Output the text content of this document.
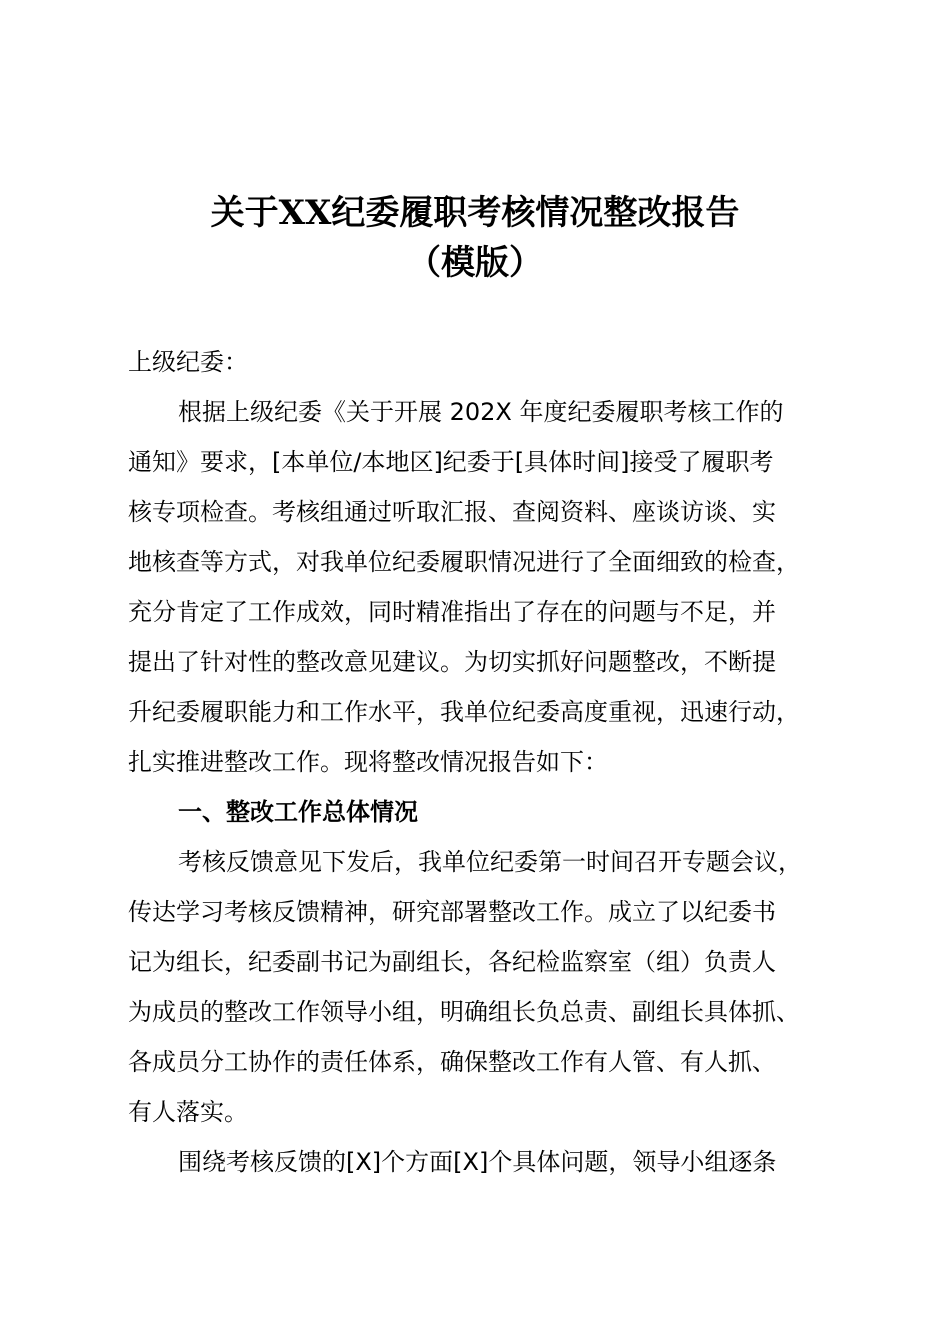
关于XX纪委履职考核情况整改报告
（模版）

上级纪委：

根据上级纪委《关于开展 202X 年度纪委履职考核工作的

通知》要求，[本单位/本地区]纪委于[具体时间]接受了履职考

核专项检查。考核组通过听取汇报、查阅资料、座谈访谈、实

地核查等方式，对我单位纪委履职情况进行了全面细致的检查，

充分肯定了工作成效，同时精准指出了存在的问题与不足，并

提出了针对性的整改意见建议。为切实抓好问题整改，不断提

升纪委履职能力和工作水平，我单位纪委高度重视，迅速行动，

扎实推进整改工作。现将整改情况报告如下：

一、整改工作总体情况

考核反馈意见下发后，我单位纪委第一时间召开专题会议，

传达学习考核反馈精神，研究部署整改工作。成立了以纪委书

记为组长，纪委副书记为副组长，各纪检监察室（组）负责人

为成员的整改工作领导小组，明确组长负总责、副组长具体抓、

各成员分工协作的责任体系，确保整改工作有人管、有人抓、

有人落实。

围绕考核反馈的[X]个方面[X]个具体问题，领导小组逐条
